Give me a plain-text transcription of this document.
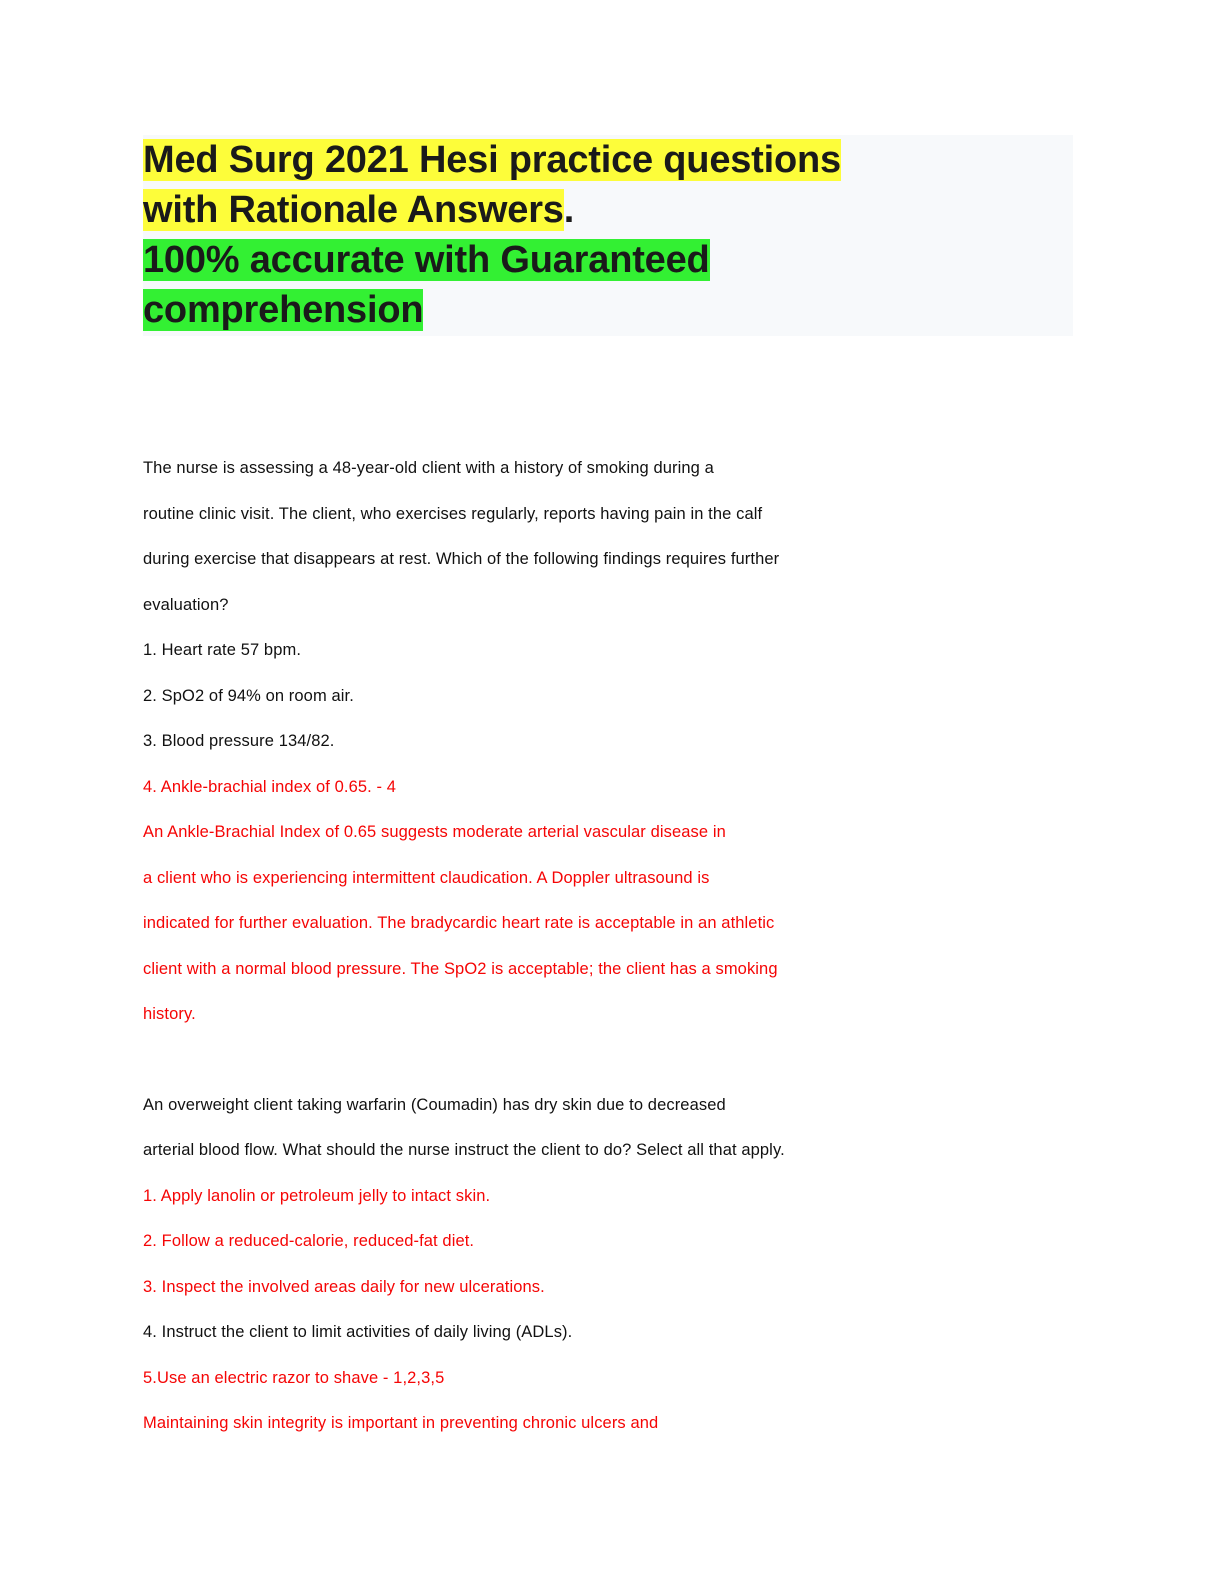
Med Surg 2021 Hesi practice questions
with Rationale Answers.
100% accurate with Guaranteed
comprehension
The nurse is assessing a 48-year-old client with a history of smoking during a
routine clinic visit. The client, who exercises regularly, reports having pain in the calf
during exercise that disappears at rest. Which of the following findings requires further
evaluation?
1. Heart rate 57 bpm.
2. SpO2 of 94% on room air.
3. Blood pressure 134/82.
4. Ankle-brachial index of 0.65. - 4
An Ankle-Brachial Index of 0.65 suggests moderate arterial vascular disease in
a client who is experiencing intermittent claudication. A Doppler ultrasound is
indicated for further evaluation. The bradycardic heart rate is acceptable in an athletic
client with a normal blood pressure. The SpO2 is acceptable; the client has a smoking
history.
An overweight client taking warfarin (Coumadin) has dry skin due to decreased
arterial blood flow. What should the nurse instruct the client to do? Select all that apply.
1. Apply lanolin or petroleum jelly to intact skin.
2. Follow a reduced-calorie, reduced-fat diet.
3. Inspect the involved areas daily for new ulcerations.
4. Instruct the client to limit activities of daily living (ADLs).
5.Use an electric razor to shave - 1,2,3,5
Maintaining skin integrity is important in preventing chronic ulcers and
